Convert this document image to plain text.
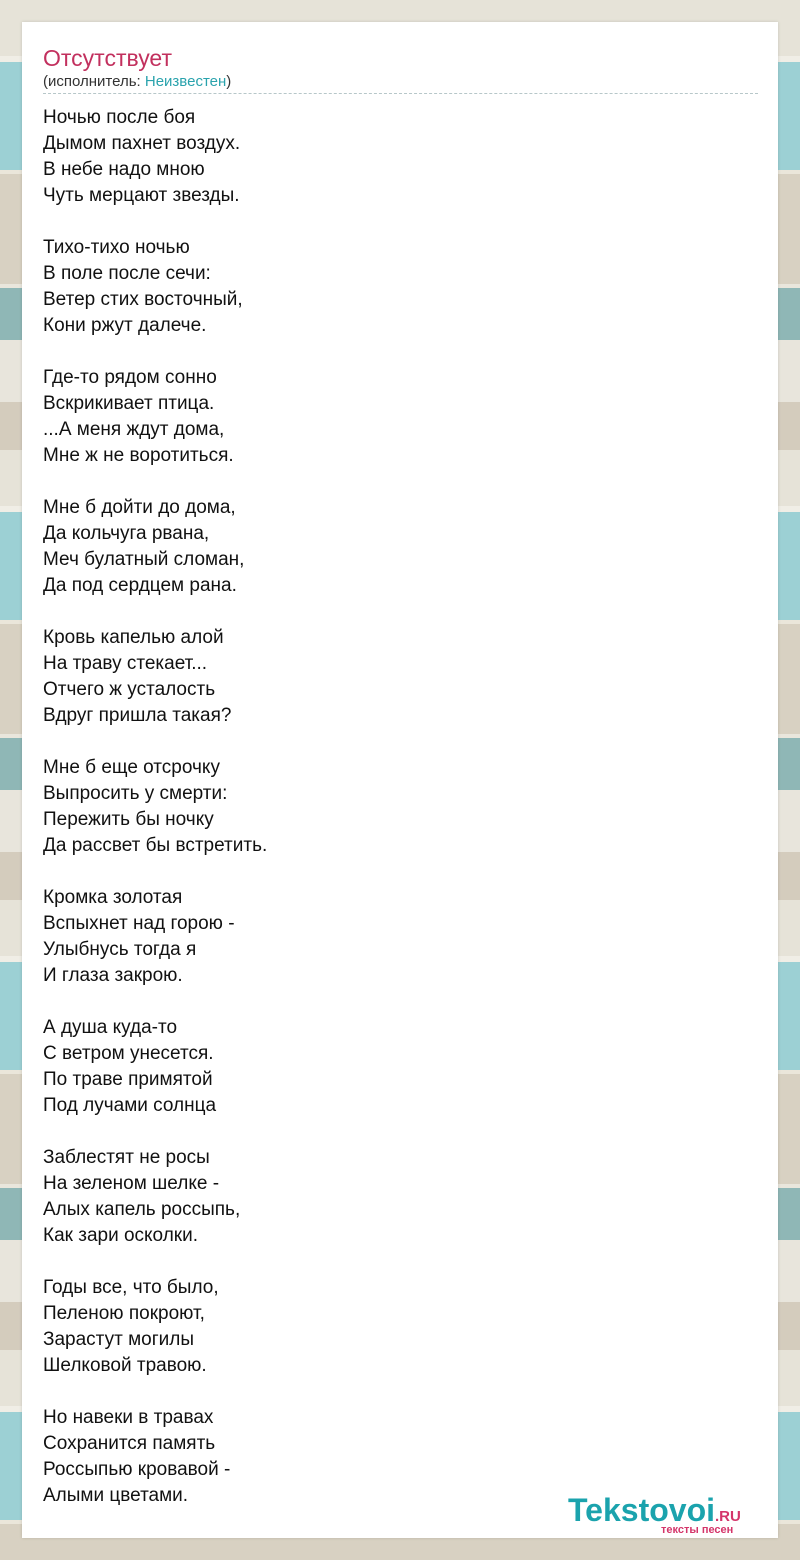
Отсутствует
(исполнитель: Неизвестен)
Ночью после боя
Дымом пахнет воздух.
В небе надо мною
Чуть мерцают звезды.
Тихо-тихо ночью
В поле после сечи:
Ветер стих восточный,
Кони ржут далече.
Где-то рядом сонно
Вскрикивает птица.
...А меня ждут дома,
Мне ж не воротиться.
Мне б дойти до дома,
Да кольчуга рвана,
Меч булатный сломан,
Да под сердцем рана.
Кровь капелью алой
На траву стекает...
Отчего ж усталость
Вдруг пришла такая?
Мне б еще отсрочку
Выпросить у смерти:
Пережить бы ночку
Да рассвет бы встретить.
Кромка золотая
Вспыхнет над горою -
Улыбнусь тогда я
И глаза закрою.
А душа куда-то
С ветром унесется.
По траве примятой
Под лучами солнца
Заблестят не росы
На зеленом шелке -
Алых капель россыпь,
Как зари осколки.
Годы все, что было,
Пеленою покроют,
Зарастут могилы
Шелковой травою.
Но навеки в травах
Сохранится память
Россыпью кровавой -
Алыми цветами.	Tekstovoi.RU
тексты песен
